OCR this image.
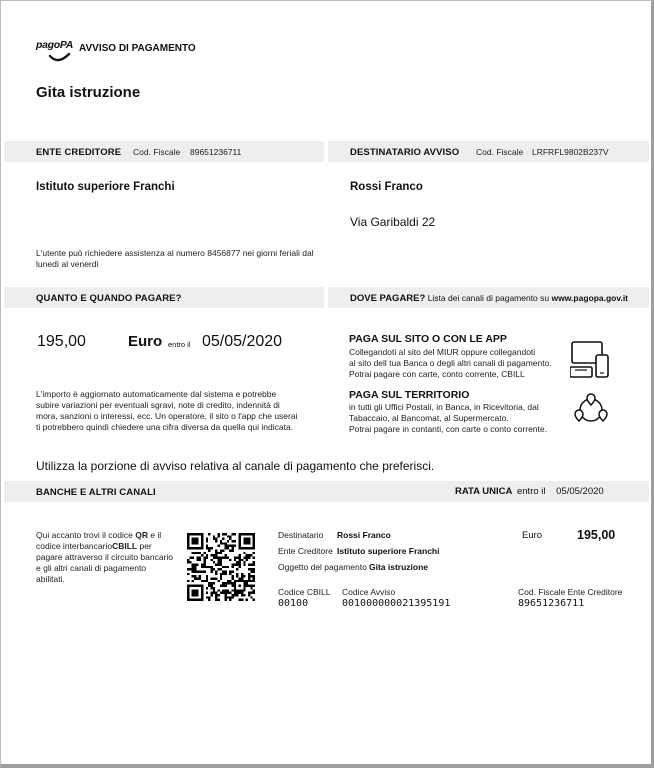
pagoPA AVVISO DI PAGAMENTO
Gita istruzione
ENTE CREDITORE Cod. Fiscale 89651236711	DESTINATARIO AVVISO Cod. Fiscale LRFRFL9802B237V
Istituto superiore Franchi	Rossi Franco
Via Garibaldi 22
L'utente può richiedere assistenza al numero 8456877 nei giorni feriali dal
lunedì al venerdì
QUANTO E QUANDO PAGARE?	DOVE PAGARE? Lista dei canali di pagamento su www.pagopa.gov.it
195,00	Euro entro il 05/05/2020
L'importo è aggiornato automaticamente dal sistema e potrebbe
subire variazioni per eventuali sgravi, note di credito, indennità di
mora, sanzioni o interessi, ecc. Un operatore, il sito o l'app che userai
ti potrebbero quindi chiedere una cifra diversa da quella qui indicata.
PAGA SUL SITO O CON LE APP
Collegandoti al sito del MIUR oppure collegandoti
al sito dell tua Banca o degli altri canali di pagamento.
Potrai pagare con carte, conto corrente, CBILL
PAGA SUL TERRITORIO
in tutti gli Uffici Postali, in Banca, in Ricevitoria, dal
Tabaccaio, al Bancomat, al Supermercato.
Potrai pagare in contanti, con carte o conto corrente.
Utilizza la porzione di avviso relativa al canale di pagamento che preferisci.
BANCHE E ALTRI CANALI	RATA UNICA entro il 05/05/2020
Qui accanto trovi il codice QR e il codice interbancarioCBILL per pagare attraverso il circuito bancario e gli altri canali di pagamento abilitati.
Destinatario Rossi Franco
Ente Creditore Istituto superiore Franchi
Oggetto del pagamento Gita istruzione
Euro	195,00
Codice CBILL
00100
Codice Avviso
001000000021395191
Cod. Fiscale Ente Creditore
89651236711
